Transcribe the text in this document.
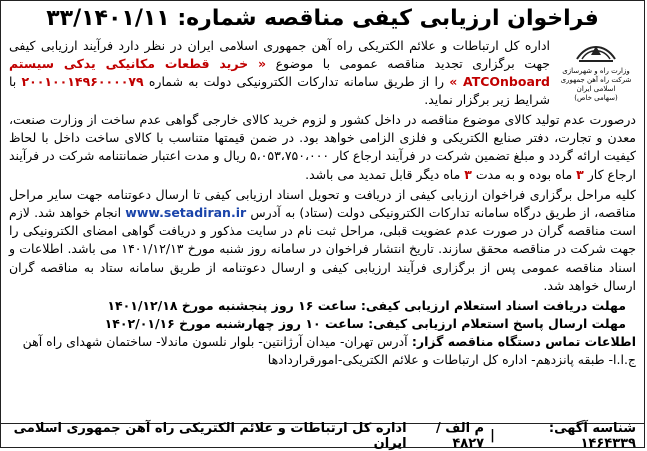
فراخوان ارزیابی کیفی مناقصه شماره: ۳۳/۱۴۰۱/۱۱
وزارت راه و شهرسازی
شرکت راه آهن جمهوری اسلامی ایران
(سهامی خاص)
اداره کل ارتباطات و علائم الکتریکی راه آهن جمهوری اسلامی ایران در نظر دارد فرآیند ارزیابی کیفی جهت برگزاری تجدید مناقصه عمومی با موضوع « خرید قطعات مکانیکی یدکی سیستم ATCOnboard » را از طریق سامانه تدارکات الکترونیکی دولت به شماره ۲۰۰۱۰۰۱۴۹۶۰۰۰۰۷۹ با شرایط زیر برگزار نماید.
درصورت عدم تولید کالای موضوع مناقصه در داخل کشور و لزوم خرید کالای خارجی گواهی عدم ساخت از وزارت صنعت، معدن و تجارت، دفتر صنایع الکتریکی و فلزی الزامی خواهد بود. در ضمن قیمتها متناسب با کالای ساخت داخل با لحاظ کیفیت ارائه گردد و مبلغ تضمین شرکت در فرآیند ارجاع کار ۵،۰۵۳،۷۵۰،۰۰۰ ریال و مدت اعتبار ضمانتنامه شرکت در فرآیند ارجاع کار ۳ ماه بوده و به مدت ۳ ماه دیگر قابل تمدید می باشد.
کلیه مراحل برگزاری فراخوان ارزیابی کیفی از دریافت و تحویل اسناد ارزیابی کیفی تا ارسال دعوتنامه جهت سایر مراحل مناقصه، از طریق درگاه سامانه تدارکات الکترونیکی دولت (ستاد) به آدرس www.setadiran.ir انجام خواهد شد. لازم است مناقصه گران در صورت عدم عضویت قبلی، مراحل ثبت نام در سایت مذکور و دریافت گواهی امضای الکترونیکی را جهت شرکت در مناقصه محقق سازند. تاریخ انتشار فراخوان در سامانه روز شنبه مورخ ۱۴۰۱/۱۲/۱۳ می باشد. اطلاعات و اسناد مناقصه عمومی پس از برگزاری فرآیند ارزیابی کیفی و ارسال دعوتنامه از طریق سامانه ستاد به مناقصه گران ارسال خواهد شد.
مهلت دریافت اسناد استعلام ارزیابی کیفی: ساعت ۱۶ روز پنجشنبه مورخ ۱۴۰۱/۱۲/۱۸
مهلت ارسال پاسخ استعلام ارزیابی کیفی: ساعت ۱۰ روز چهارشنبه مورخ ۱۴۰۲/۰۱/۱۶
اطلاعات تماس دستگاه مناقصه گزار: آدرس تهران- میدان آرژانتین- بلوار نلسون ماندلا- ساختمان شهدای راه آهن ج.ا.ا- طبقه پانزدهم- اداره کل ارتباطات و علائم الکتریکی-امورقراردادها
شناسه آگهی: ۱۴۶۴۳۳۹
|
م الف / ۴۸۲۷
اداره کل ارتباطات و علائم الکتریکی راه آهن جمهوری اسلامی ایران
